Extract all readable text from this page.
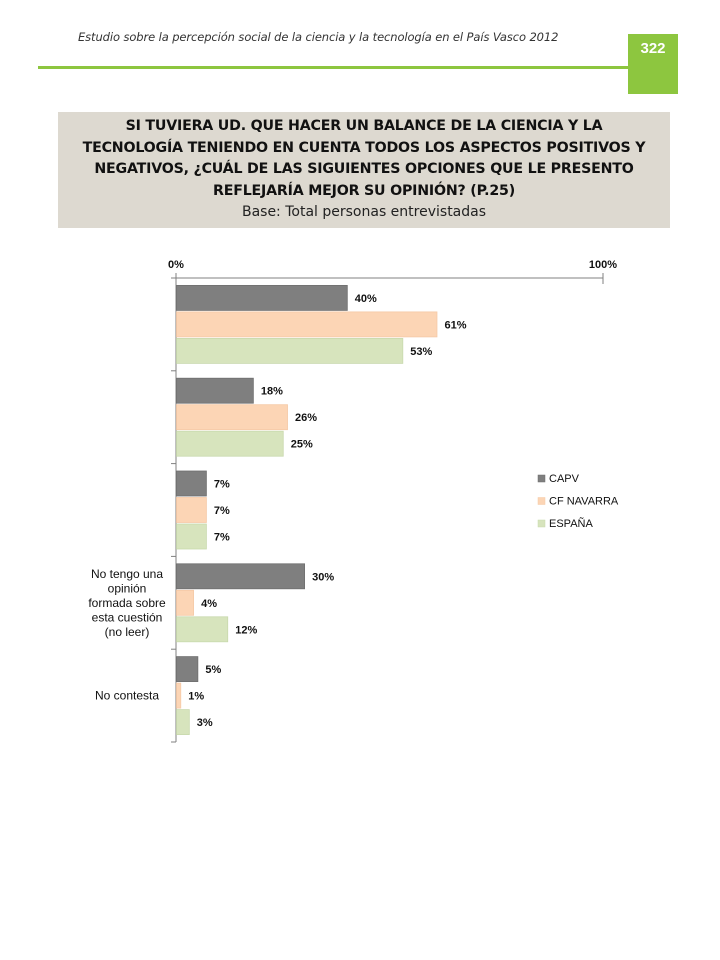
Estudio sobre la percepción social de la ciencia y la tecnología en el País Vasco 2012
322
SI TUVIERA UD. QUE HACER UN BALANCE DE LA CIENCIA Y LA TECNOLOGÍA TENIENDO EN CUENTA TODOS LOS ASPECTOS POSITIVOS Y NEGATIVOS, ¿CUÁL DE LAS SIGUIENTES OPCIONES QUE LE PRESENTO REFLEJARÍA MEJOR SU OPINIÓN? (P.25)
Base: Total personas entrevistadas
0%	100%
40%
61%
53%
18%
26%
25%
7%
7%
7%
30%
4%
12%
No tengo una opinión formada sobre esta cuestión (no leer)
5%
1%
3%
No contesta
CAPV
CF NAVARRA
ESPAÑA
